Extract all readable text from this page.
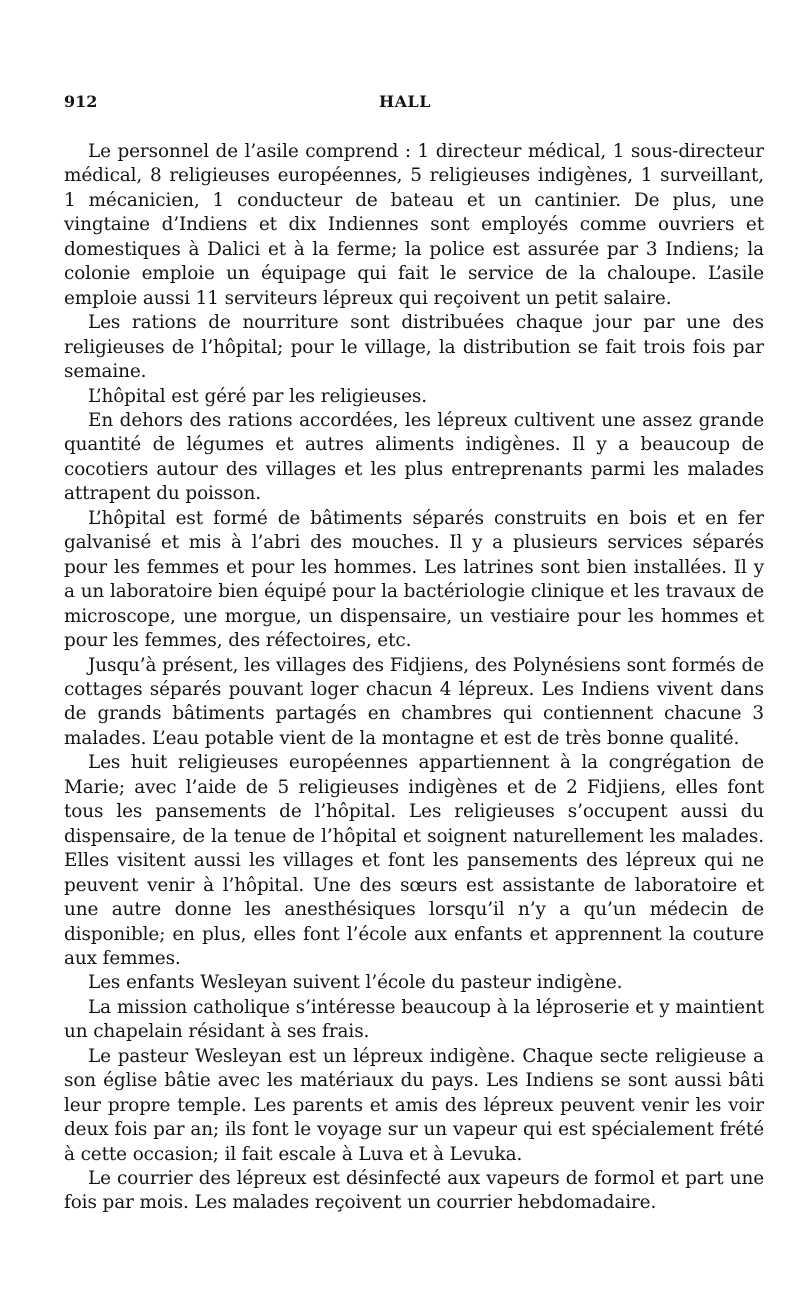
912	HALL

Le personnel de l’asile comprend : 1 directeur médical, 1 sous-directeur médical, 8 religieuses européennes, 5 religieuses indigènes, 1 surveillant, 1 mécanicien, 1 conducteur de bateau et un cantinier. De plus, une vingtaine d’Indiens et dix Indiennes sont employés comme ouvriers et domestiques à Dalici et à la ferme; la police est assurée par 3 Indiens; la colonie emploie un équipage qui fait le service de la chaloupe. L’asile emploie aussi 11 serviteurs lépreux qui reçoivent un petit salaire.

Les rations de nourriture sont distribuées chaque jour par une des religieuses de l’hôpital; pour le village, la distribution se fait trois fois par semaine.

L’hôpital est géré par les religieuses.

En dehors des rations accordées, les lépreux cultivent une assez grande quantité de légumes et autres aliments indigènes. Il y a beaucoup de cocotiers autour des villages et les plus entreprenants parmi les malades attrapent du poisson.

L’hôpital est formé de bâtiments séparés construits en bois et en fer galvanisé et mis à l’abri des mouches. Il y a plusieurs services séparés pour les femmes et pour les hommes. Les latrines sont bien installées. Il y a un laboratoire bien équipé pour la bactériologie clinique et les travaux de microscope, une morgue, un dispensaire, un vestiaire pour les hommes et pour les femmes, des réfectoires, etc.

Jusqu’à présent, les villages des Fidjiens, des Polynésiens sont formés de cottages séparés pouvant loger chacun 4 lépreux. Les Indiens vivent dans de grands bâtiments partagés en chambres qui contiennent chacune 3 malades. L’eau potable vient de la montagne et est de très bonne qualité.

Les huit religieuses européennes appartiennent à la congrégation de Marie; avec l’aide de 5 religieuses indigènes et de 2 Fidjiens, elles font tous les pansements de l’hôpital. Les religieuses s’occupent aussi du dispensaire, de la tenue de l’hôpital et soignent naturellement les malades. Elles visitent aussi les villages et font les pansements des lépreux qui ne peuvent venir à l’hôpital. Une des sœurs est assistante de laboratoire et une autre donne les anesthésiques lorsqu’il n’y a qu’un médecin de disponible; en plus, elles font l’école aux enfants et apprennent la couture aux femmes.

Les enfants Wesleyan suivent l’école du pasteur indigène.

La mission catholique s’intéresse beaucoup à la léproserie et y maintient un chapelain résidant à ses frais.

Le pasteur Wesleyan est un lépreux indigène. Chaque secte religieuse a son église bâtie avec les matériaux du pays. Les Indiens se sont aussi bâti leur propre temple. Les parents et amis des lépreux peuvent venir les voir deux fois par an; ils font le voyage sur un vapeur qui est spécialement frété à cette occasion; il fait escale à Luva et à Levuka.

Le courrier des lépreux est désinfecté aux vapeurs de formol et part une fois par mois. Les malades reçoivent un courrier hebdomadaire.
